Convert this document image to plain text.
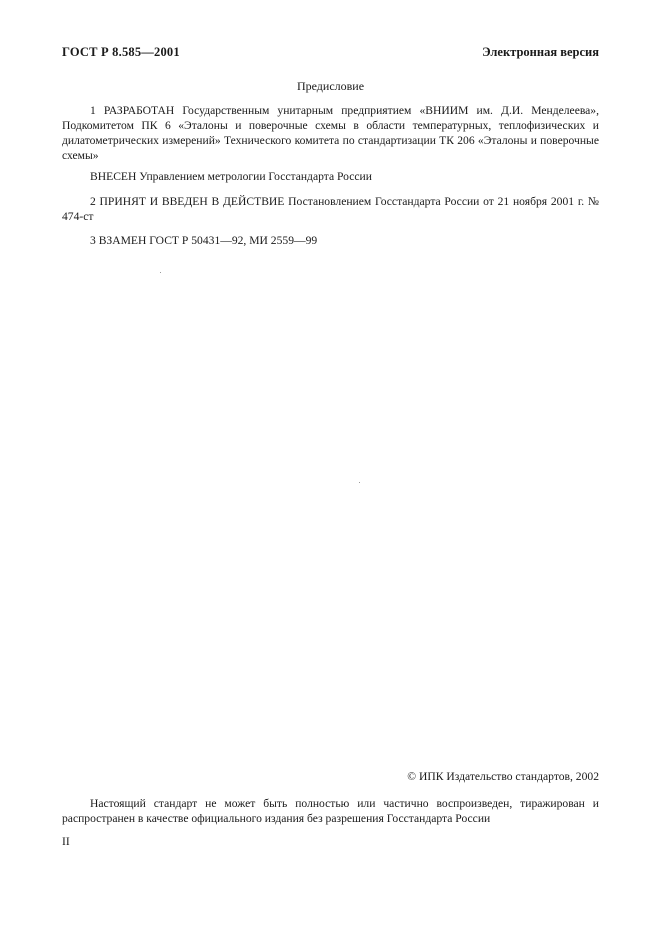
ГОСТ Р 8.585—2001	Электронная версия
Предисловие
1 РАЗРАБОТАН Государственным унитарным предприятием «ВНИИМ им. Д.И. Менделеева», Подкомитетом ПК 6 «Эталоны и поверочные схемы в области температурных, теплофизических и дилатометрических измерений» Технического комитета по стандартизации ТК 206 «Эталоны и поверочные схемы»
ВНЕСЕН Управлением метрологии Госстандарта России
2 ПРИНЯТ И ВВЕДЕН В ДЕЙСТВИЕ Постановлением Госстандарта России от 21 ноября 2001 г. № 474-ст
3 ВЗАМЕН ГОСТ Р 50431—92, МИ 2559—99
© ИПК Издательство стандартов, 2002
Настоящий стандарт не может быть полностью или частично воспроизведен, тиражирован и распространен в качестве официального издания без разрешения Госстандарта России
II
